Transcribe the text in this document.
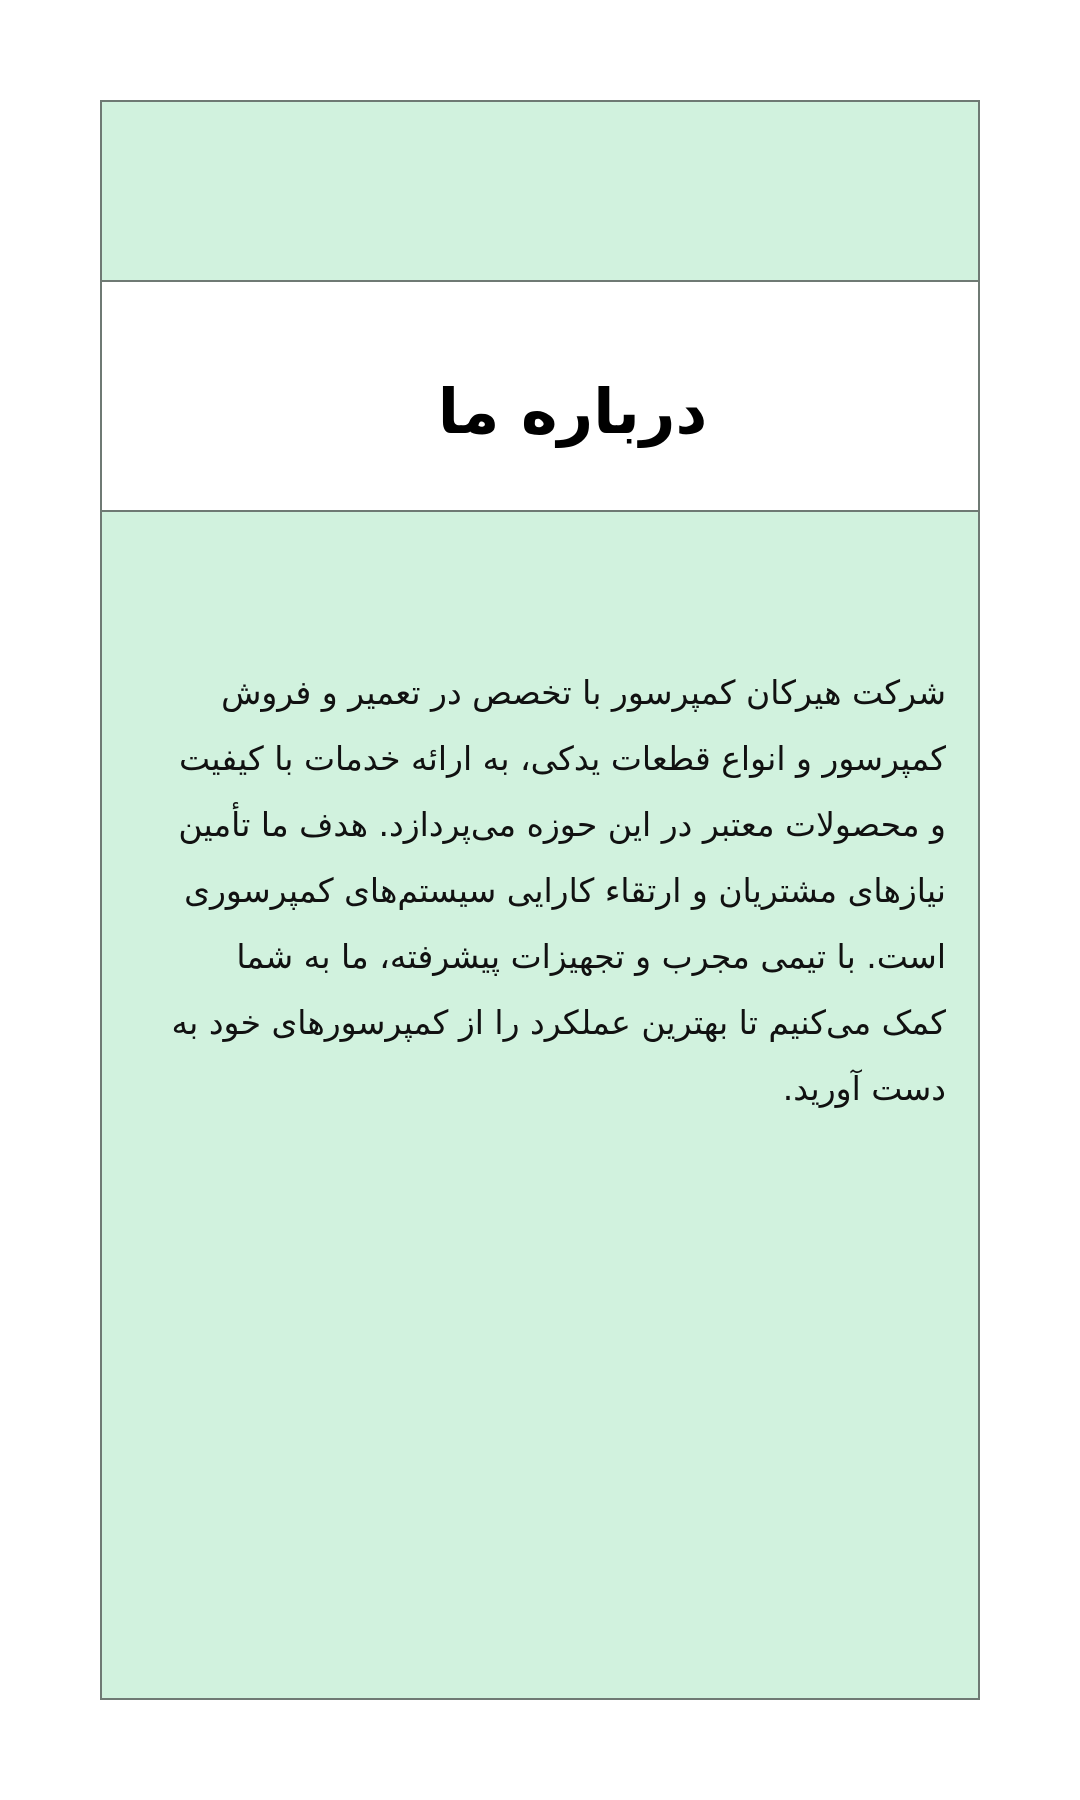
درباره ما

شرکت هیرکان کمپرسور با تخصص در تعمیر و فروش کمپرسور و انواع قطعات یدکی، به ارائه خدمات با کیفیت و محصولات معتبر در این حوزه می‌پردازد. هدف ما تأمین نیازهای مشتریان و ارتقاء کارایی سیستم‌های کمپرسوری است. با تیمی مجرب و تجهیزات پیشرفته، ما به شما کمک می‌کنیم تا بهترین عملکرد را از کمپرسورهای خود به دست آورید.
